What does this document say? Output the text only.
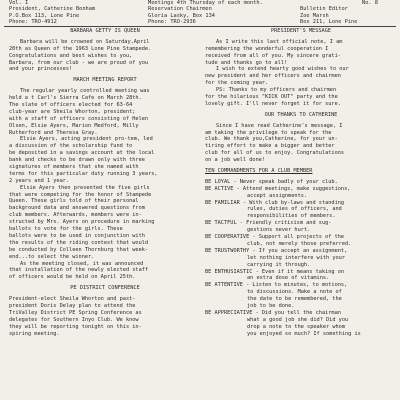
Vol. I	Meetings 4th Thursday of each month.	No. 8
President, Catherine Bonham	Reservation Chairmen	Bulletin Editor
P.O.Box 113, Lone Pine	Gloria Lasky, Box 134	Zoe Marsh
Phone: TRO-4912	Phone: TRO-2936	Box 211, Lone Pine
BARBARA GETTY IS QUEEN
Barbara will be crowned on Saturday,April
20th as Queen of the 1963 Lone Pine Stampede.
Congratulations and best wishes to you,
Barbara, from our club - we are proud of you
and your princesses!
MARCH MEETING REPORT
The regular yearly controlled meeting was
held a t Carl's Sierra Cafe on March 28th.
The slate of officers elected for 63-64
club-year are Sheila Whorton, president;
with a staff of officers consisting of Helen
Olsen, Elsie Ayers, Marion Medford, Milly
Rutherford and Theresa Gray.
Elsie Ayers, acting president pro-tem, led
a discussion of the scholarship fund to
be deposited in a savings account at the local
bank and checks to be drawn only with three
signatures of members that she named with
terms for this particular duty running 3 years,
2 years and 1 year.
Elsie Ayers then presented the five girls
that were competing for the honor of Stampede
Queen. These girls told of their personal
background data and answered questions from
club members. Afterwards, members were in-
structed by Mrs. Ayers on procedure in marking
ballots to vote for the girls. These
ballots were to be used in conjunction with
the results of the riding contest that would
be conducted by Colleen Thornburg that week-
end...to select the winner.
As the meeting closed, it was announced
that installation of the newly elected staff
of officers would be held on April 25th.
PE DISTRICT CONFERENCE
President-elect Sheila Whorton and past-
president Doris Delay plan to attend the
TriValley District PE Spring Conference as
delegates for Southern Inyo Club. We know
they will be reporting tonight on this in-
spiring meeting.
PRESIDENT'S MESSAGE
As I write this last official note, I am
remembering the wonderful cooperation I
received from all of you. My sincere grati-
tude and thanks go to all!
I wish to extend hearty good wishes to our
new president and her officers and chairmen
for the coming year.
PS: Thanks to my officers and chairmen
for the hilarious "KICK OUT" party and the
lovely gift. I'll never forget it for sure.
OUR THANKS TO CATHERINE
Since I have read Catherine's message, I
am taking the privilege to speak for the
club. We thank you,Catherine, for your un-
tiring effort to make a bigger and better
club for all of us to enjoy. Congratulations
on a job well done!
TEN COMMANDMENTS FOR A CLUB MEMBER
BE LOYAL - Never speak badly of your club.
BE ACTIVE - Attend meetings, make suggestions,
accept assignments.
BE FAMILIAR - With club by-laws and standing
rules, duties of officers, and
responsibilities of members.
BE TACTFUL - Friendly criticism and sug-
gestions never hurt.
BE COOPERATIVE - Support all projects of the
club, not merely those preferred.
BE TRUSTWORTHY - If you accept an assignment,
let nothing interfere with your
carrying it through.
BE ENTHUSIASTIC - Even if it means taking on
an extra dose of vitamins.
BE ATTENTIVE - Listen to minutes, to motions,
to discussions. Make a note of
the date to be remembered, the
job to be done.
BE APPRECIATIVE - Did you tell the chairman
what a good job she did? Did you
drop a note to the speaker whom
you enjoyed so much? If something is
